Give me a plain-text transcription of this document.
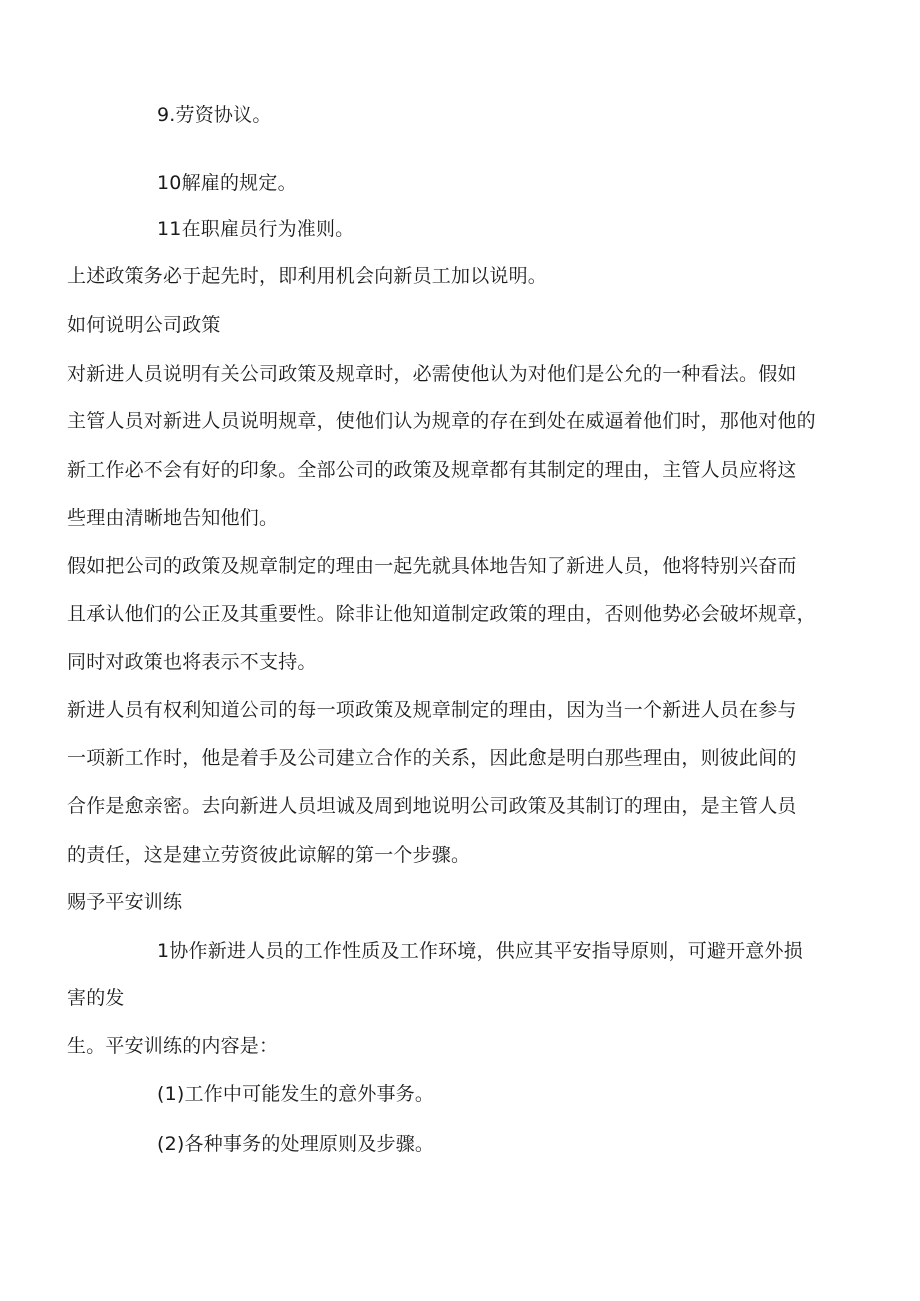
9.劳资协议。
10解雇的规定。
11在职雇员行为准则。
上述政策务必于起先时，即利用机会向新员工加以说明。
如何说明公司政策
对新进人员说明有关公司政策及规章时，必需使他认为对他们是公允的一种看法。假如
主管人员对新进人员说明规章，使他们认为规章的存在到处在威逼着他们时，那他对他的
新工作必不会有好的印象。全部公司的政策及规章都有其制定的理由，主管人员应将这
些理由清晰地告知他们。
假如把公司的政策及规章制定的理由一起先就具体地告知了新进人员，他将特别兴奋而
且承认他们的公正及其重要性。除非让他知道制定政策的理由，否则他势必会破坏规章，
同时对政策也将表示不支持。
新进人员有权利知道公司的每一项政策及规章制定的理由，因为当一个新进人员在参与
一项新工作时，他是着手及公司建立合作的关系，因此愈是明白那些理由，则彼此间的
合作是愈亲密。去向新进人员坦诚及周到地说明公司政策及其制订的理由，是主管人员
的责任，这是建立劳资彼此谅解的第一个步骤。
赐予平安训练
1协作新进人员的工作性质及工作环境，供应其平安指导原则，可避开意外损
害的发
生。平安训练的内容是：
(1)工作中可能发生的意外事务。
(2)各种事务的处理原则及步骤。
